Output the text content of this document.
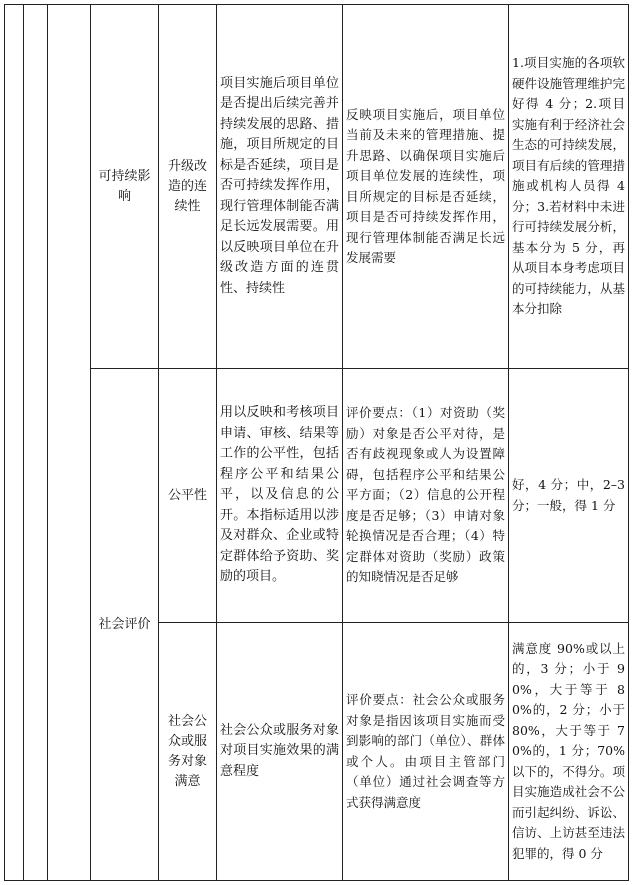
			可持续影响	升级改造的连续性	项目实施后项目单位是否提出后续完善并持续发展的思路、措施，项目所规定的目标是否延续，项目是否可持续发挥作用，现行管理体制能否满足长远发展需要。用以反映项目单位在升级改造方面的连贯性、持续性	反映项目实施后，项目单位当前及未来的管理措施、提升思路、以确保项目实施后项目单位发展的连续性，项目所规定的目标是否延续，项目是否可持续发挥作用，现行管理体制能否满足长远发展需要	1.项目实施的各项软硬件设施管理维护完好得 4 分；2.项目实施有利于经济社会生态的可持续发展，项目有后续的管理措施或机构人员得 4 分；3.若材料中未进行可持续发展分析，基本分为 5 分，再从项目本身考虑项目的可持续能力，从基本分扣除

			社会评价	公平性	用以反映和考核项目申请、审核、结果等工作的公平性，包括程序公平和结果公平，以及信息的公开。本指标适用以涉及对群众、企业或特定群体给予资助、奖励的项目。	评价要点：（1）对资助（奖励）对象是否公平对待，是否有歧视现象或人为设置障碍，包括程序公平和结果公平方面；（2）信息的公开程度是否足够；（3）申请对象轮换情况是否合理；（4）特定群体对资助（奖励）政策的知晓情况是否足够	好，4 分；中，2–3 分；一般，得 1 分

				社会公众或服务对象满意	社会公众或服务对象对项目实施效果的满意程度	评价要点：社会公众或服务对象是指因该项目实施而受到影响的部门（单位）、群体或个人。由项目主管部门（单位）通过社会调查等方式获得满意度	满意度 90%或以上的，3 分；小于 90%，大于等于 80%的，2 分；小于 80%，大于等于 70%的，1 分；70%以下的，不得分。项目实施造成社会不公而引起纠纷、诉讼、信访、上访甚至违法犯罪的，得 0 分
